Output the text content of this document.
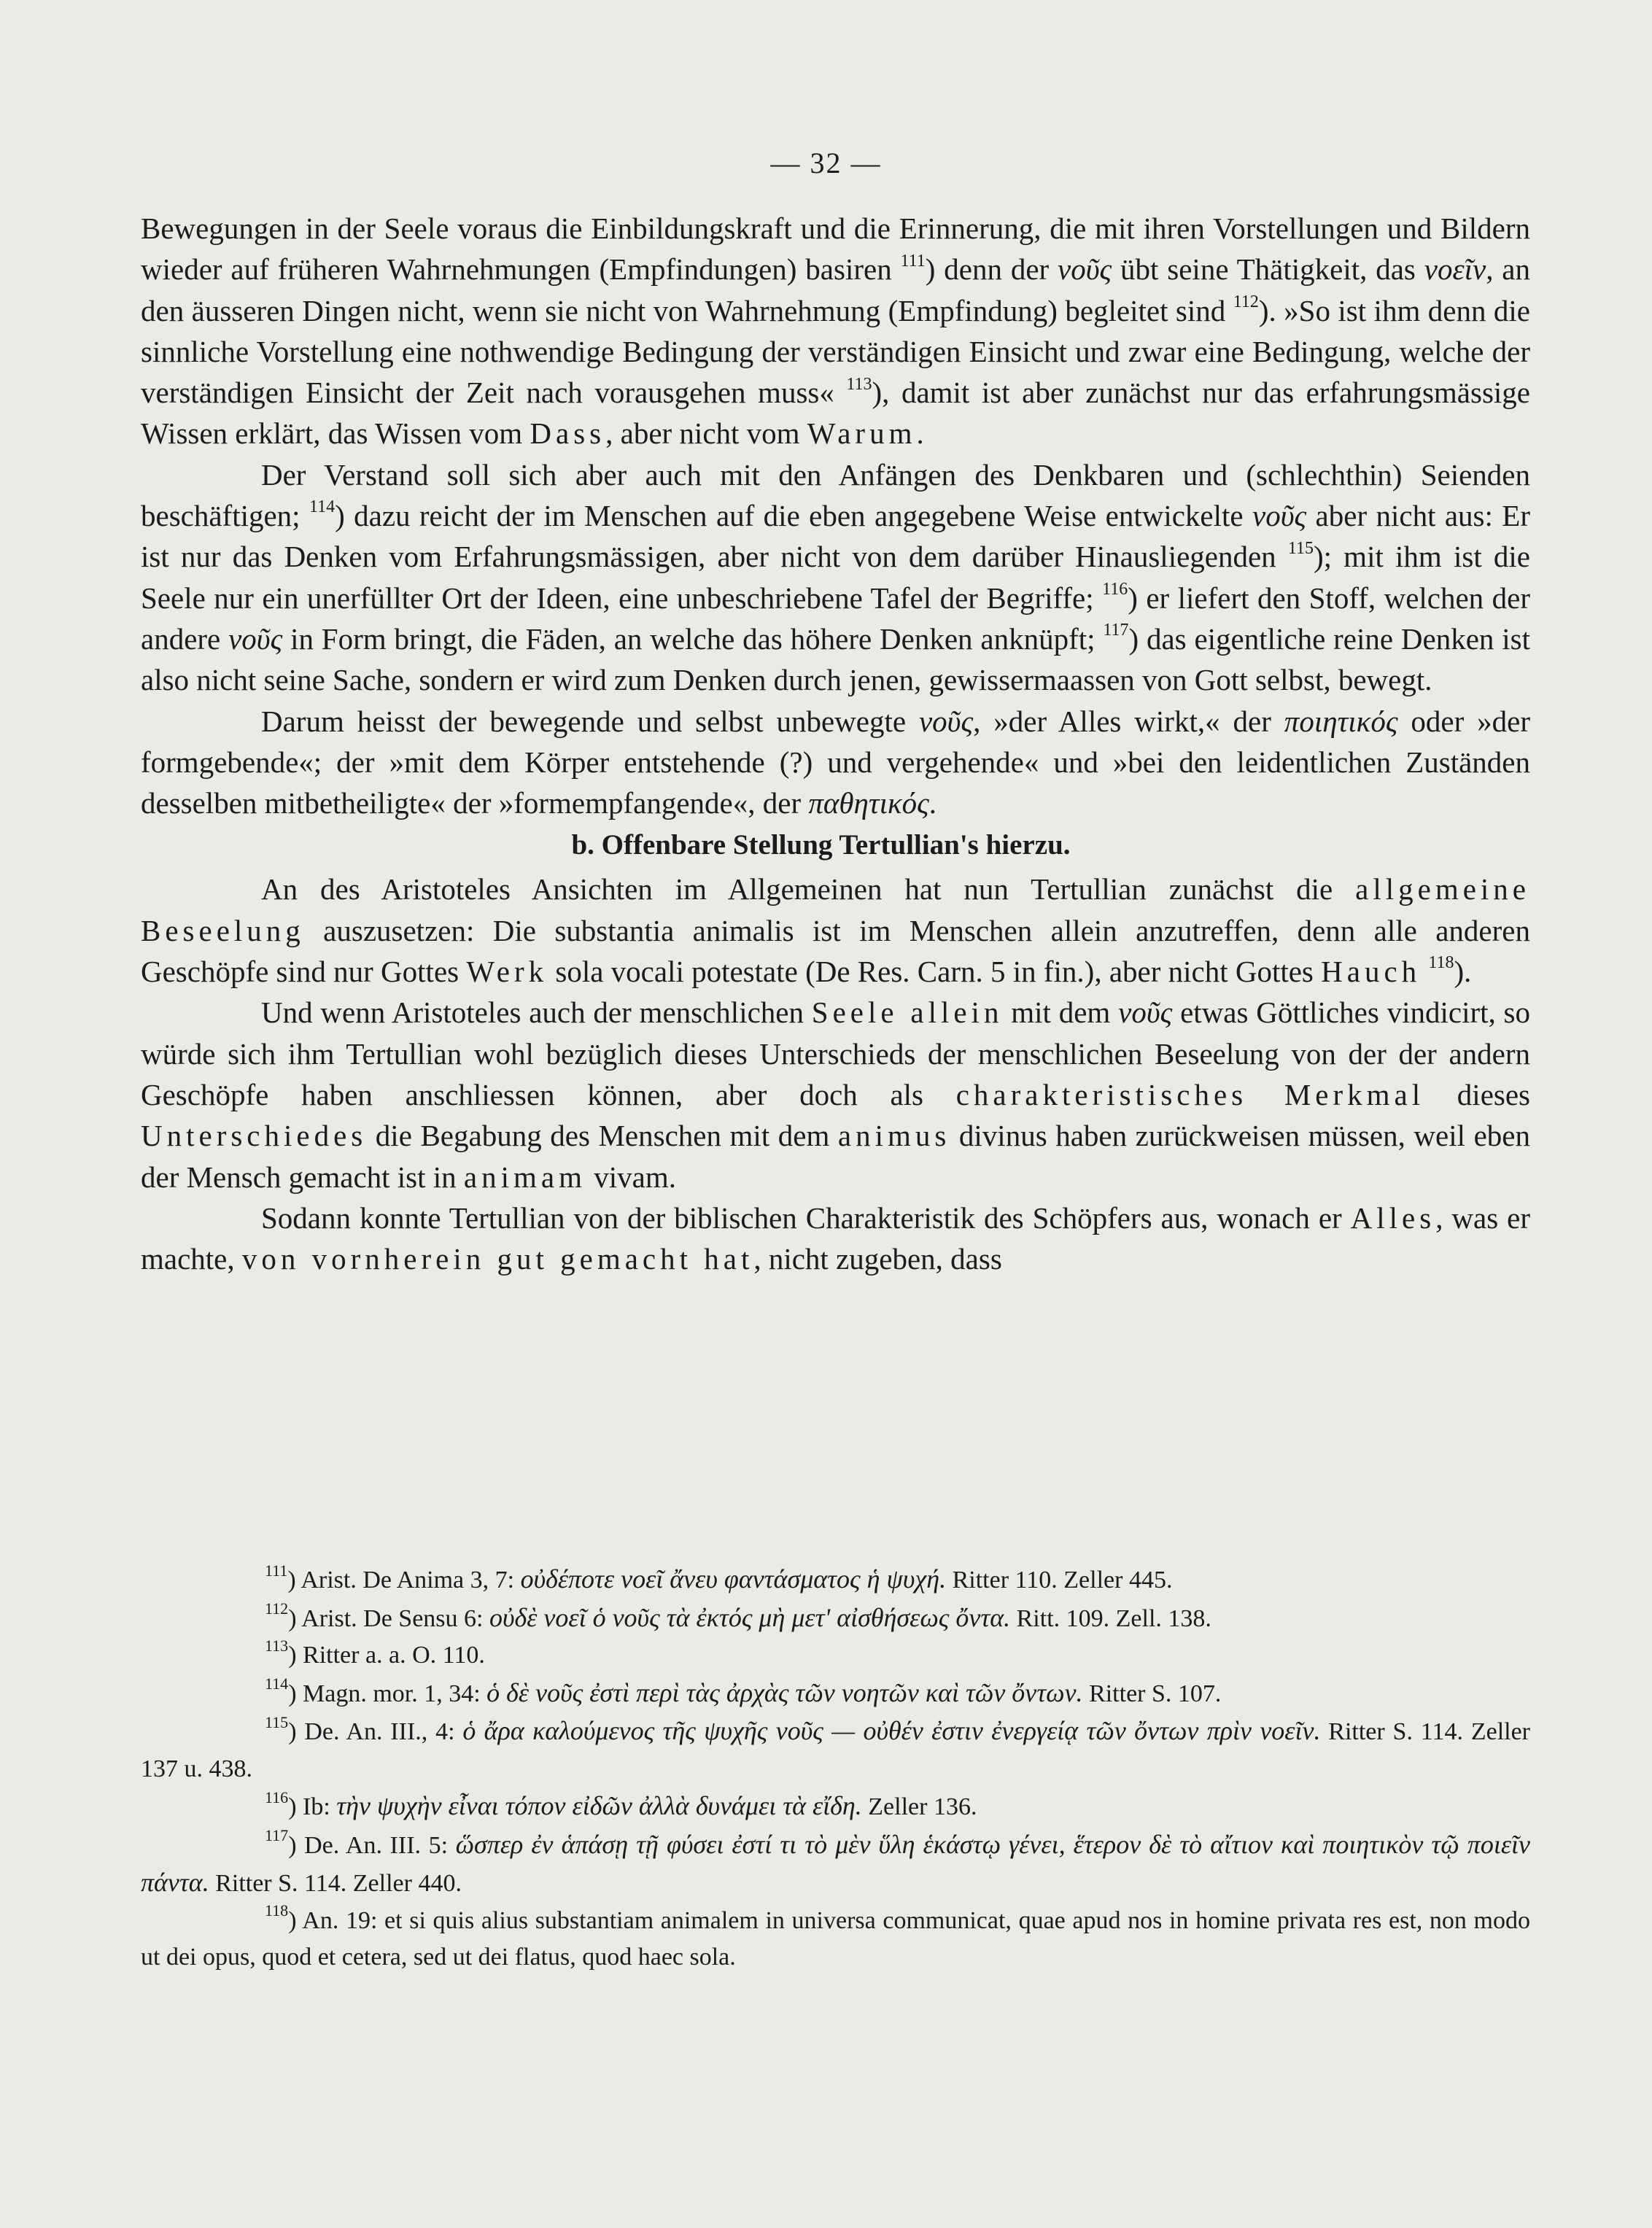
— 32 —

Bewegungen in der Seele voraus die Einbildungskraft und die Erinnerung, die mit ihren Vorstellungen und Bildern wieder auf früheren Wahrnehmungen (Empfindungen) basiren $^{111}$) denn der νοῦς übt seine Thätigkeit, das νοεῖν, an den äusseren Dingen nicht, wenn sie nicht von Wahrnehmung (Empfindung) begleitet sind $^{112}$). »So ist ihm denn die sinnliche Vorstellung eine nothwendige Bedingung der verständigen Einsicht und zwar eine Bedingung, welche der verständigen Einsicht der Zeit nach vorausgehen muss« $^{113}$), damit ist aber zunächst nur das erfahrungsmässige Wissen erklärt, das Wissen vom Dass, aber nicht vom Warum.

Der Verstand soll sich aber auch mit den Anfängen des Denkbaren und (schlechthin) Seienden beschäftigen; $^{114}$) dazu reicht der im Menschen auf die eben angegebene Weise entwickelte νοῦς aber nicht aus: Er ist nur das Denken vom Erfahrungsmässigen, aber nicht von dem darüber Hinausliegenden $^{115}$); mit ihm ist die Seele nur ein unerfüllter Ort der Ideen, eine unbeschriebene Tafel der Begriffe; $^{116}$) er liefert den Stoff, welchen der andere νοῦς in Form bringt, die Fäden, an welche das höhere Denken anknüpft; $^{117}$) das eigentliche reine Denken ist also nicht seine Sache, sondern er wird zum Denken durch jenen, gewissermaassen von Gott selbst, bewegt.

Darum heisst der bewegende und selbst unbewegte νοῦς, »der Alles wirkt,« der ποιητικός oder »der formgebende«; der »mit dem Körper entstehende (?) und vergehende« und »bei den leidentlichen Zuständen desselben mitbetheiligte« der »formempfangende«, der παθητικός.

b. Offenbare Stellung Tertullian's hierzu.

An des Aristoteles Ansichten im Allgemeinen hat nun Tertullian zunächst die allgemeine Beseelung auszusetzen: Die substantia animalis ist im Menschen allein anzutreffen, denn alle anderen Geschöpfe sind nur Gottes Werk sola vocali potestate (De Res. Carn. 5 in fin.), aber nicht Gottes Hauch $^{118}$).

Und wenn Aristoteles auch der menschlichen Seele allein mit dem νοῦς etwas Göttliches vindicirt, so würde sich ihm Tertullian wohl bezüglich dieses Unterschieds der menschlichen Beseelung von der der andern Geschöpfe haben anschliessen können, aber doch als charakteristisches Merkmal dieses Unterschiedes die Begabung des Menschen mit dem animus divinus haben zurückweisen müssen, weil eben der Mensch gemacht ist in animam vivam.

Sodann konnte Tertullian von der biblischen Charakteristik des Schöpfers aus, wonach er Alles, was er machte, von vornherein gut gemacht hat, nicht zugeben, dass

$^{111}$) Arist. De Anima 3, 7: οὐδέποτε νοεῖ ἄνευ φαντάσματος ἡ ψυχή. Ritter 110. Zeller 445.

$^{112}$) Arist. De Sensu 6: οὐδὲ νοεῖ ὁ νοῦς τὰ ἐκτός μὴ μετ' αἰσθήσεως ὄντα. Ritt. 109. Zell. 138.

$^{113}$) Ritter a. a. O. 110.

$^{114}$) Magn. mor. 1, 34: ὁ δὲ νοῦς ἐστὶ περὶ τὰς ἀρχὰς τῶν νοητῶν καὶ τῶν ὄντων. Ritter S. 107.

$^{115}$) De. An. III., 4: ὁ ἄρα καλούμενος τῆς ψυχῆς νοῦς — οὐθέν ἐστιν ἐνεργείᾳ τῶν ὄντων πρὶν νοεῖν. Ritter S. 114. Zeller 137 u. 438.

$^{116}$) Ib: τὴν ψυχὴν εἶναι τόπον εἰδῶν ἀλλὰ δυνάμει τὰ εἴδη. Zeller 136.

$^{117}$) De. An. III. 5: ὥσπερ ἐν ἁπάσῃ τῇ φύσει ἐστί τι τὸ μὲν ὕλη ἑκάστῳ γένει, ἕτερον δὲ τὸ αἴτιον καὶ ποιητικὸν τῷ ποιεῖν πάντα. Ritter S. 114. Zeller 440.

$^{118}$) An. 19: et si quis alius substantiam animalem in universa communicat, quae apud nos in homine privata res est, non modo ut dei opus, quod et cetera, sed ut dei flatus, quod haec sola.
